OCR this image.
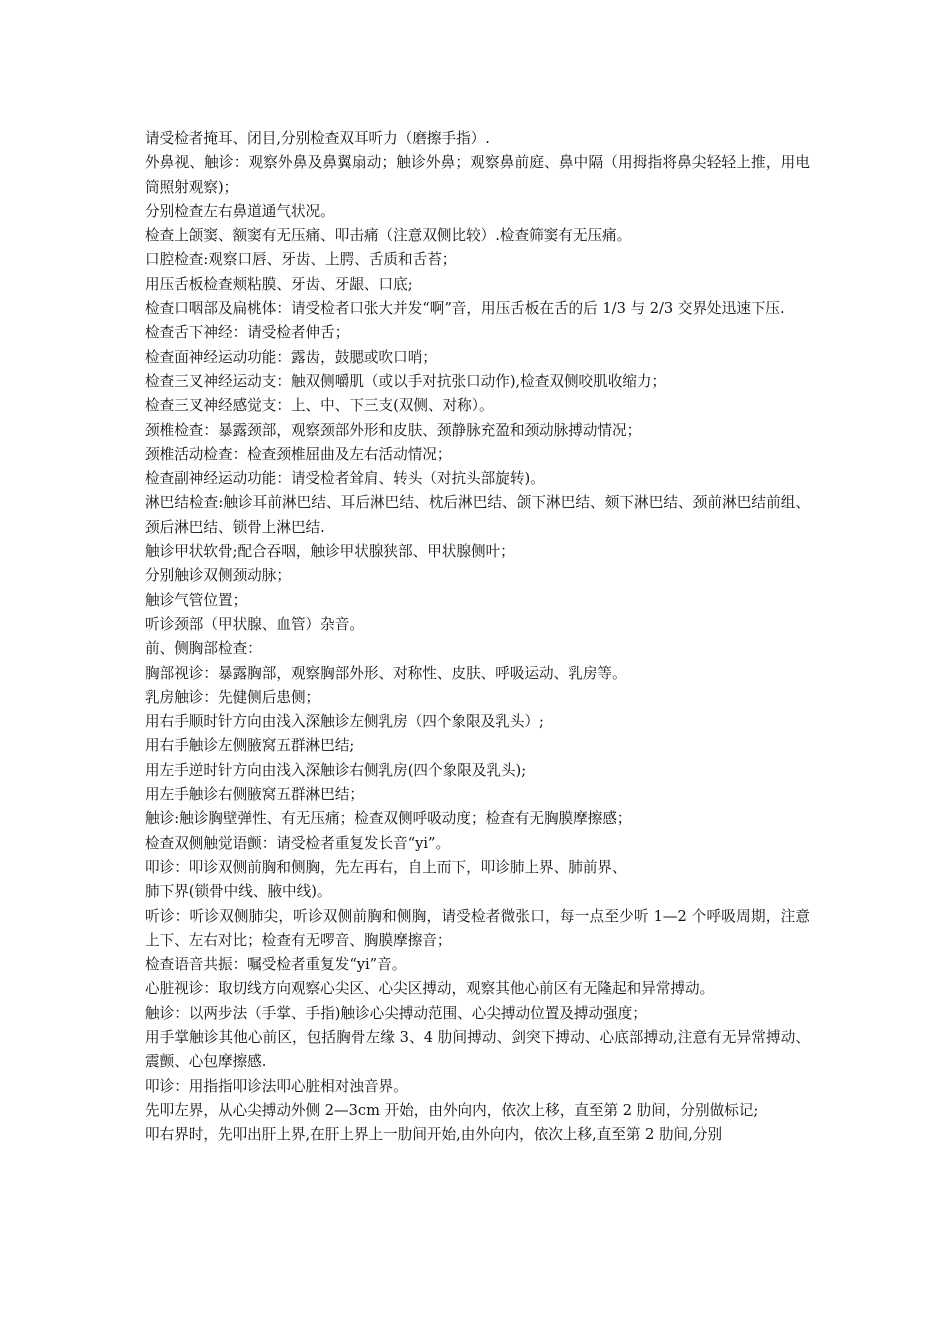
请受检者掩耳、闭目,分别检查双耳听力（磨擦手指）.

外鼻视、触诊：观察外鼻及鼻翼扇动；触诊外鼻；观察鼻前庭、鼻中隔（用拇指将鼻尖轻轻上推，用电筒照射观察)；

分别检查左右鼻道通气状况。

检查上颌窦、额窦有无压痛、叩击痛（注意双侧比较）.检查筛窦有无压痛。

口腔检查:观察口唇、牙齿、上腭、舌质和舌苔；

用压舌板检查颊粘膜、牙齿、牙龈、口底;

检查口咽部及扁桃体：请受检者口张大并发“啊”音，用压舌板在舌的后 1/3 与 2/3 交界处迅速下压.

检查舌下神经：请受检者伸舌；

检查面神经运动功能：露齿，鼓腮或吹口哨；

检查三叉神经运动支：触双侧嚼肌（或以手对抗张口动作),检查双侧咬肌收缩力；

检查三叉神经感觉支：上、中、下三支(双侧、对称）。

颈椎检查：暴露颈部，观察颈部外形和皮肤、颈静脉充盈和颈动脉搏动情况；

颈椎活动检查：检查颈椎屈曲及左右活动情况；

检查副神经运动功能：请受检者耸肩、转头（对抗头部旋转)。

淋巴结检查:触诊耳前淋巴结、耳后淋巴结、枕后淋巴结、颌下淋巴结、颏下淋巴结、颈前淋巴结前组、颈后淋巴结、锁骨上淋巴结.

触诊甲状软骨;配合吞咽，触诊甲状腺狭部、甲状腺侧叶；

分别触诊双侧颈动脉；

触诊气管位置；

听诊颈部（甲状腺、血管）杂音。

前、侧胸部检查：

胸部视诊：暴露胸部，观察胸部外形、对称性、皮肤、呼吸运动、乳房等。

乳房触诊：先健侧后患侧；

用右手顺时针方向由浅入深触诊左侧乳房（四个象限及乳头）;

用右手触诊左侧腋窝五群淋巴结;

用左手逆时针方向由浅入深触诊右侧乳房(四个象限及乳头);

用左手触诊右侧腋窝五群淋巴结；

触诊:触诊胸壁弹性、有无压痛；检查双侧呼吸动度；检查有无胸膜摩擦感；

检查双侧触觉语颤：请受检者重复发长音“yi”。

叩诊：叩诊双侧前胸和侧胸，先左再右，自上而下，叩诊肺上界、肺前界、

肺下界(锁骨中线、腋中线)。

听诊：听诊双侧肺尖，听诊双侧前胸和侧胸，请受检者微张口，每一点至少听 1—2 个呼吸周期，注意上下、左右对比；检查有无啰音、胸膜摩擦音；

检查语音共振：嘱受检者重复发“yi”音。

心脏视诊：取切线方向观察心尖区、心尖区搏动，观察其他心前区有无隆起和异常搏动。

触诊：以两步法（手掌、手指)触诊心尖搏动范围、心尖搏动位置及搏动强度；

用手掌触诊其他心前区，包括胸骨左缘 3、4 肋间搏动、剑突下搏动、心底部搏动,注意有无异常搏动、震颤、心包摩擦感.

叩诊：用指指叩诊法叩心脏相对浊音界。

先叩左界，从心尖搏动外侧 2—3cm 开始，由外向内，依次上移，直至第 2 肋间，分别做标记;

叩右界时，先叩出肝上界,在肝上界上一肋间开始,由外向内，依次上移,直至第 2 肋间,分别
